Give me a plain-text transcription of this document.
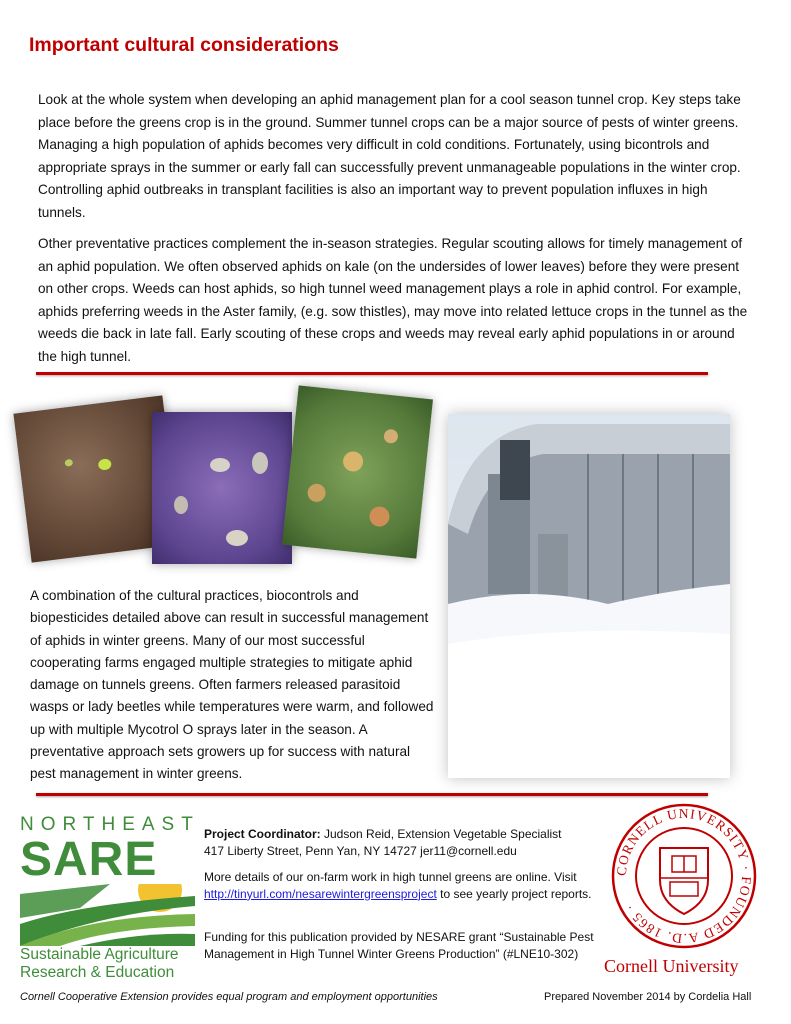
Important cultural considerations

Look at the whole system when developing an aphid management plan for a cool season tunnel crop. Key steps take place before the greens crop is in the ground. Summer tunnel crops can be a major source of pests of winter greens. Managing a high population of aphids becomes very difficult in cold conditions. Fortunately, using bicontrols and appropriate sprays in the summer or early fall can successfully prevent unmanageable populations in the winter crop. Controlling aphid outbreaks in transplant facilities is also an important way to prevent population influxes in high tunnels.

Other preventative practices complement the in-season strategies. Regular scouting allows for timely management of an aphid population. We often observed aphids on kale (on the undersides of lower leaves) before they were present on other crops. Weeds can host aphids, so high tunnel weed management plays a role in aphid control. For example, aphids preferring weeds in the Aster family, (e.g. sow thistles), may move into related lettuce crops in the tunnel as the weeds die back in late fall. Early scouting of these crops and weeds may reveal early aphid populations in or around the high tunnel.

A combination of the cultural practices, biocontrols and biopesticides detailed above can result in successful management of aphids in winter greens. Many of our most successful cooperating farms engaged multiple strategies to mitigate aphid damage on tunnels greens. Often farmers released parasitoid wasps or lady beetles while temperatures were warm, and followed up with multiple Mycotrol O sprays later in the season. A preventative approach sets growers up for success with natural pest management in winter greens.

NORTHEAST
SARE
Sustainable Agriculture
Research & Education

Project Coordinator: Judson Reid, Extension Vegetable Specialist
417 Liberty Street, Penn Yan, NY 14727 jer11@cornell.edu

More details of our on-farm work in high tunnel greens are online. Visit http://tinyurl.com/nesarewintergreensproject to see yearly project reports.

Funding for this publication provided by NESARE grant “Sustainable Pest Management in High Tunnel Winter Greens Production” (#LNE10-302)

CORNELL UNIVERSITY · FOUNDED A.D. 1865 ·
Cornell University
Cornell Cooperative Extension provides equal program and employment opportunities	Prepared November 2014 by Cordelia Hall
